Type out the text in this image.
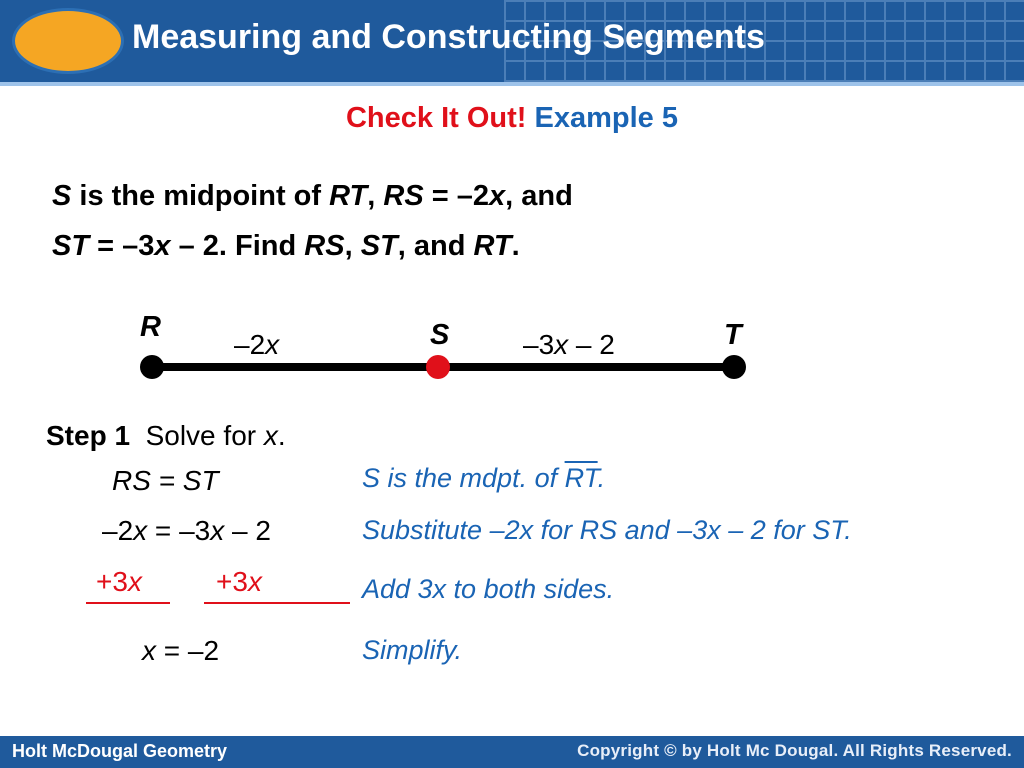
Measuring and Constructing Segments
Check It Out! Example 5
S is the midpoint of RT, RS = –2x, and
ST = –3x – 2. Find RS, ST, and RT.
R	S	T
–2x	–3x – 2
Step 1  Solve for x.
RS = ST	S is the mdpt. of $\overline{RT}$.
–2x = –3x – 2	Substitute –2x for RS and –3x – 2 for ST.
+3x	+3x	Add 3x to both sides.
x = –2	Simplify.
Holt McDougal Geometry	Copyright © by Holt Mc Dougal. All Rights Reserved.
